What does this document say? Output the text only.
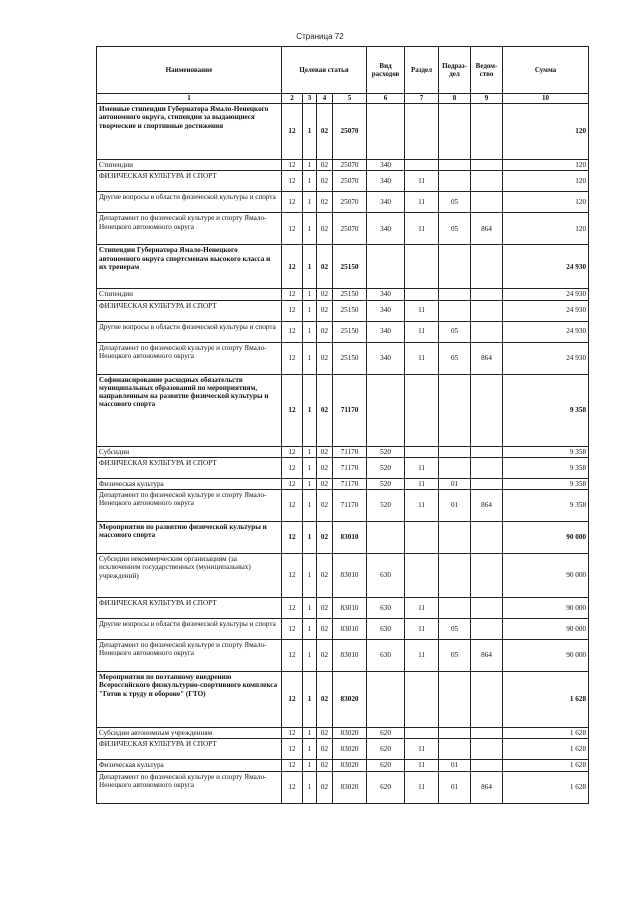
Страница 72
Наименование	Целевая статья				Вид расходов	Раздел	Подраз-дел	Ведом-ство	Сумма
1	2	3	4	5	6	7	8	9	10
Именные стипендии Губернатора Ямало-Ненецкого автономного округа, стипендии за выдающиеся творческие и спортивные достижения	12	1	02	25070					120
Стипендии	12	1	02	25070	340				120
ФИЗИЧЕСКАЯ КУЛЬТУРА И СПОРТ	12	1	02	25070	340	11			120
Другие вопросы в области физической культуры и спорта	12	1	02	25070	340	11	05		120
Департамент по физической культуре и спорту Ямало-Ненецкого автономного округа	12	1	02	25070	340	11	05	864	120
Стипендии Губернатора Ямало-Ненецкого автономного округа спортсменам высокого класса и их тренерам	12	1	02	25150					24 930
Стипендии	12	1	02	25150	340				24 930
ФИЗИЧЕСКАЯ КУЛЬТУРА И СПОРТ	12	1	02	25150	340	11			24 930
Другие вопросы в области физической культуры и спорта	12	1	02	25150	340	11	05		24 930
Департамент по физической культуре и спорту Ямало-Ненецкого автономного округа	12	1	02	25150	340	11	05	864	24 930
Софинансирование расходных обязательств муниципальных образований по мероприятиям, направленным на развитие физической культуры и массового спорта	12	1	02	71170					9 358
Субсидии	12	1	02	71170	520				9 358
ФИЗИЧЕСКАЯ КУЛЬТУРА И СПОРТ	12	1	02	71170	520	11			9 358
Физическая культура	12	1	02	71170	520	11	01		9 358
Департамент по физической культуре и спорту Ямало-Ненецкого автономного округа	12	1	02	71170	520	11	01	864	9 358
Мероприятия по развитию физической культуры и массового спорта	12	1	02	83010					90 000
Субсидии некоммерческим организациям (за исключением государственных (муниципальных) учреждений)	12	1	02	83010	630				90 000
ФИЗИЧЕСКАЯ КУЛЬТУРА И СПОРТ	12	1	02	83010	630	11			90 000
Другие вопросы в области физической культуры и спорта	12	1	02	83010	630	11	05		90 000
Департамент по физической культуре и спорту Ямало-Ненецкого автономного округа	12	1	02	83010	630	11	05	864	90 000
Мероприятия по поэтапному внедрению Всероссийского физкультурно-спортивного комплекса "Готов к труду и обороне" (ГТО)	12	1	02	83020					1 628
Субсидии автономным учреждениям	12	1	02	83020	620				1 628
ФИЗИЧЕСКАЯ КУЛЬТУРА И СПОРТ	12	1	02	83020	620	11			1 628
Физическая культура	12	1	02	83020	620	11	01		1 628
Департамент по физической культуре и спорту Ямало-Ненецкого автономного округа	12	1	02	83020	620	11	01	864	1 628
